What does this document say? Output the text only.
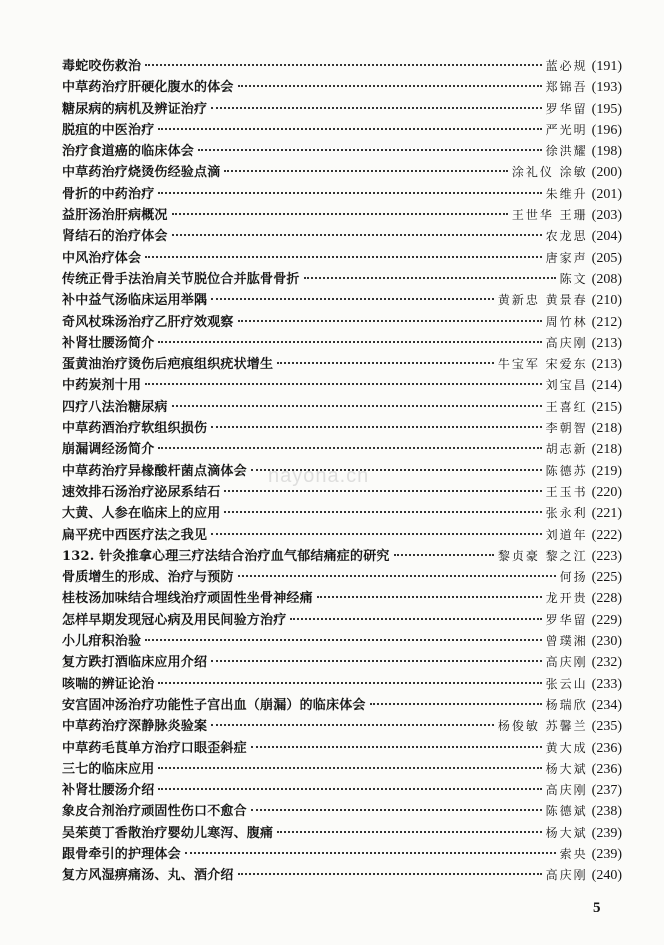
毒蛇咬伤救治	蓝必规 (191)
中草药治疗肝硬化腹水的体会	郑锦吾 (193)
糖尿病的病机及辨证治疗	罗华留 (195)
脱疽的中医治疗	严光明 (196)
治疗食道癌的临床体会	徐洪耀 (198)
中草药治疗烧烫伤经验点滴	涂礼仪 涂敏 (200)
骨折的中药治疗	朱维升 (201)
益肝汤治肝病概况	王世华 王珊 (203)
肾结石的治疗体会	农龙思 (204)
中风治疗体会	唐家声 (205)
传统正骨手法治肩关节脱位合并肱骨骨折	陈文 (208)
补中益气汤临床运用举隅	黄新忠 黄景春 (210)
奇风杖珠汤治疗乙肝疗效观察	周竹林 (212)
补肾壮腰汤简介	高庆刚 (213)
蛋黄油治疗烫伤后疤痕组织疣状增生	牛宝军 宋爱东 (213)
中药炭剂十用	刘宝昌 (214)
四疗八法治糖尿病	王喜红 (215)
中草药酒治疗软组织损伤	李朝智 (218)
崩漏调经汤简介	胡志新 (218)
中草药治疗异椽酸杆菌点滴体会	陈德苏 (219)
速效排石汤治疗泌尿系结石	王玉书 (220)
大黄、人参在临床上的应用	张永利 (221)
扁平疣中西医疗法之我见	刘道年 (222)
132. 针灸推拿心理三疗法结合治疗血气郁结痛症的研究	黎贞豪 黎之江 (223)
骨质增生的形成、治疗与预防	何扬 (225)
桂枝汤加味结合埋线治疗顽固性坐骨神经痛	龙开贵 (228)
怎样早期发现冠心病及用民间验方治疗	罗华留 (229)
小儿疳积治验	曾璞湘 (230)
复方跌打酒临床应用介绍	高庆刚 (232)
咳喘的辨证论治	张云山 (233)
安宫固冲汤治疗功能性子宫出血（崩漏）的临床体会	杨瑞欣 (234)
中草药治疗深静脉炎验案	杨俊敏 苏馨兰 (235)
中草药毛茛单方治疗口眼歪斜症	黄大成 (236)
三七的临床应用	杨大斌 (236)
补肾壮腰汤介绍	高庆刚 (237)
象皮合剂治疗顽固性伤口不愈合	陈德斌 (238)
吴茱萸丁香散治疗婴幼儿寒泻、腹痛	杨大斌 (239)
跟骨牵引的护理体会	索央 (239)
复方风湿痹痛汤、丸、酒介绍	高庆刚 (240)
nayona.cn
5
